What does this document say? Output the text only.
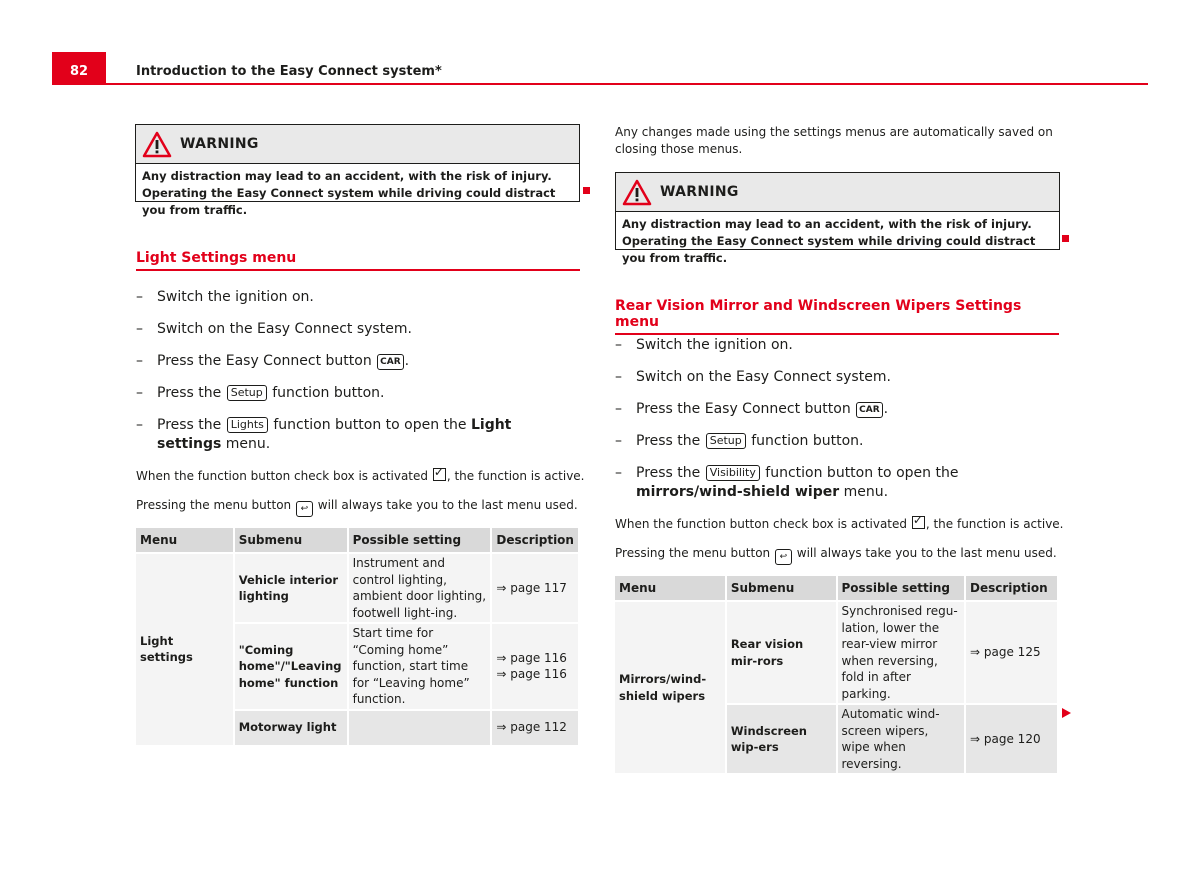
82	Introduction to the Easy Connect system*
WARNING
Any distraction may lead to an accident, with the risk of injury. Operating the Easy Connect system while driving could distract you from traffic.
Light Settings menu
– Switch the ignition on.
– Switch on the Easy Connect system.
– Press the Easy Connect button CAR .
– Press the Setup function button.
– Press the Lights function button to open the Light settings menu.
When the function button check box is activated ✓, the function is active.
Pressing the menu button ↩ will always take you to the last menu used.
Menu	Submenu	Possible setting	Description
Light settings	Vehicle interior lighting	Instrument and control lighting, ambient door lighting, footwell light-ing.	⇒ page 117
	"Coming home"/"Leaving home" function	Start time for “Coming home” function, start time for “Leaving home” function.	⇒ page 116 ⇒ page 116
	Motorway light		⇒ page 112
Any changes made using the settings menus are automatically saved on closing those menus.
WARNING
Any distraction may lead to an accident, with the risk of injury. Operating the Easy Connect system while driving could distract you from traffic.
Rear Vision Mirror and Windscreen Wipers Settings menu
– Switch the ignition on.
– Switch on the Easy Connect system.
– Press the Easy Connect button CAR .
– Press the Setup function button.
– Press the Visibility function button to open the mirrors/wind-shield wiper menu.
When the function button check box is activated ✓, the function is active.
Pressing the menu button ↩ will always take you to the last menu used.
Menu	Submenu	Possible setting	Description
Mirrors/wind-shield wipers	Rear vision mir-rors	Synchronised regu-lation, lower the rear-view mirror when reversing, fold in after parking.	⇒ page 125
	Windscreen wip-ers	Automatic wind-screen wipers, wipe when reversing.	⇒ page 120
